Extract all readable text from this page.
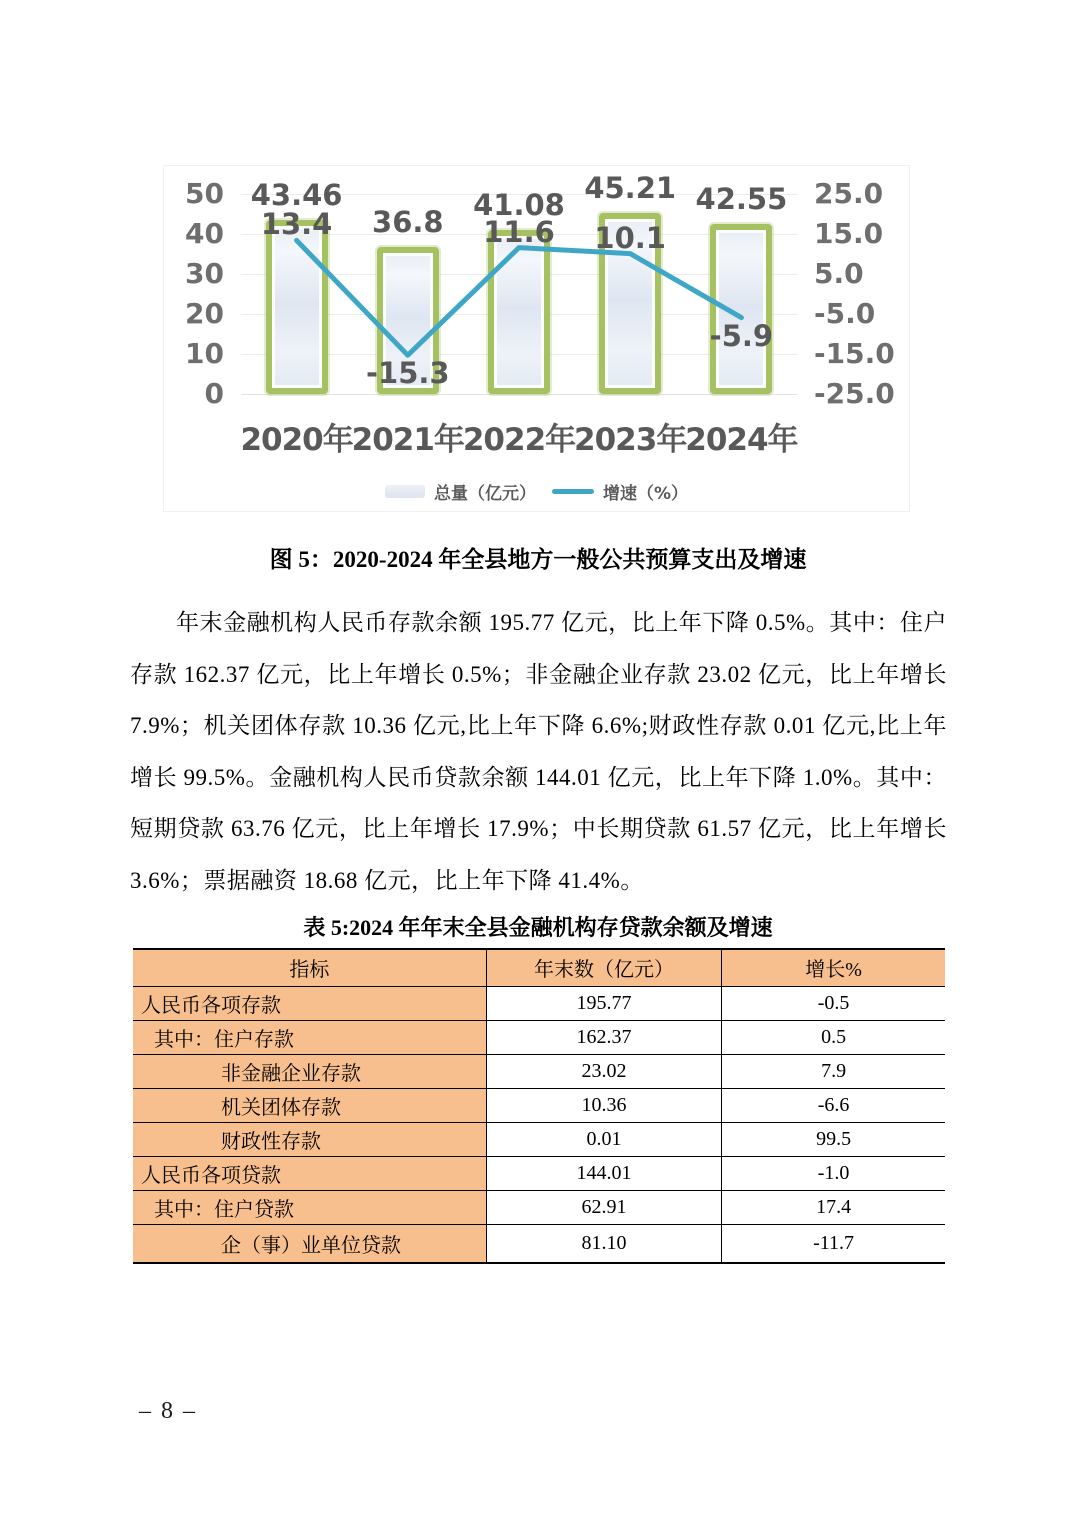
50
40
30
20
10
0
43.46
36.8
41.08 45.21 42.55
13.4
-15.3
11.6 10.1
-5.9
25.0
15.0
5.0
-5.0
-15.0
-25.0
2020年
2021年
2022年
2023年
2024年
总量（亿元）	增速（%）
图 5：2020-2024 年全县地方一般公共预算支出及增速

年末金融机构人民币存款余额 195.77 亿元，比上年下降 0.5%。其中：住户存款 162.37 亿元，比上年增长 0.5%；非金融企业存款 23.02 亿元，比上年增长 7.9%；机关团体存款 10.36 亿元,比上年下降 6.6%;财政性存款 0.01 亿元,比上年增长 99.5%。金融机构人民币贷款余额 144.01 亿元，比上年下降 1.0%。其中：短期贷款 63.76 亿元，比上年增长 17.9%；中长期贷款 61.57 亿元，比上年增长 3.6%；票据融资 18.68 亿元，比上年下降 41.4%。

表 5:2024 年年末全县金融机构存贷款余额及增速
指标	年末数（亿元）	增长%
人民币各项存款	195.77	-0.5
其中：住户存款	162.37	0.5
非金融企业存款	23.02	7.9
机关团体存款	10.36	-6.6
财政性存款	0.01	99.5
人民币各项贷款	144.01	-1.0
其中：住户贷款	62.91	17.4
企（事）业单位贷款	81.10	-11.7
– 8 –
